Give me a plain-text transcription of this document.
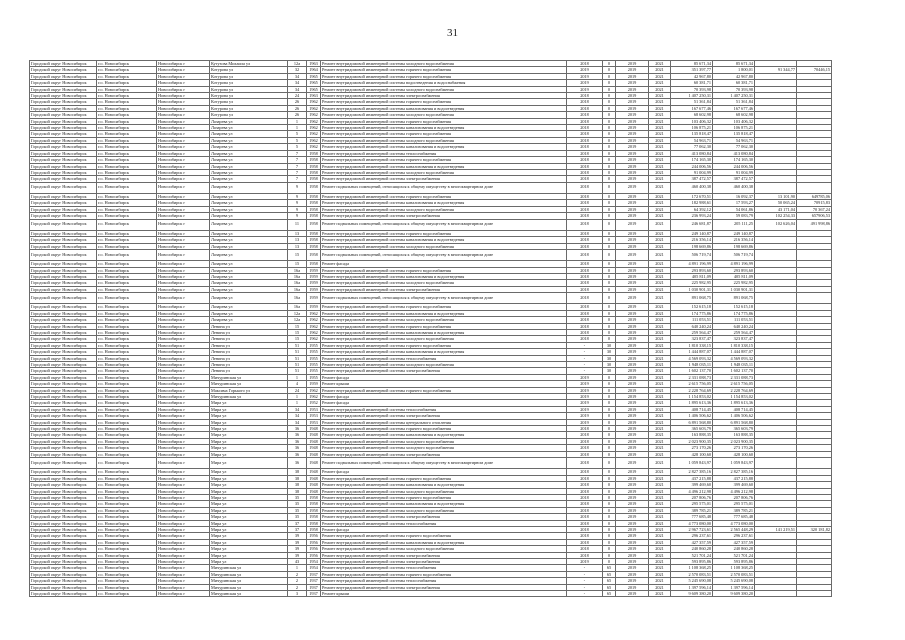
31
Городской округ Новосибирск	г.о. Новосибирск	Новосибирск г	Кутузова Михаила ул	12а	1963	Ремонт внутридомовой инженерной системы холодного водоснабжения	2018	0	2019	2021	85 671,34	85 671,34		
Городской округ Новосибирск	г.о. Новосибирск	Новосибирск г	Котурова ул	32	1964	Ремонт внутридомовой инженерной системы горячего водоснабжения	2019	0	2019	2021	351 397,77	1 800,01	91 344,77	70446,15
Городской округ Новосибирск	г.о. Новосибирск	Новосибирск г	Котурова ул	34	1965	Ремонт внутридомовой инженерной системы горячего водоснабжения	2019	0	2019	2021	42 967,80	42 967,80		
Городской округ Новосибирск	г.о. Новосибирск	Новосибирск г	Котурова ул	34	1965	Ремонт внутридомовой инженерной системы водоотведения и водоснабжения	2019	0	2019	2021	60 381,71	60 381,71		
Городской округ Новосибирск	г.о. Новосибирск	Новосибирск г	Котурова ул	34	1965	Ремонт внутридомовой инженерной системы холодного водоснабжения	2019	0	2019	2021	70 393,98	70 393,98		
Городской округ Новосибирск	г.о. Новосибирск	Новосибирск г	Котурова ул	24	1963	Ремонт внутридомовой инженерной системы электроснабжения	2018	0	2019	2021	1 407 250,31	1 407 250,31		
Городской округ Новосибирск	г.о. Новосибирск	Новосибирск г	Котурова ул	26	1962	Ремонт внутридомовой инженерной системы горячего водоснабжения	2018	0	2019	2021	51 361,84	51 361,84		
Городской округ Новосибирск	г.о. Новосибирск	Новосибирск г	Котурова ул	26	1962	Ремонт внутридомовой инженерной системы канализования и водоотведения	2018	0	2019	2021	167 677,46	167 677,46		
Городской округ Новосибирск	г.о. Новосибирск	Новосибирск г	Котурова ул	26	1962	Ремонт внутридомовой инженерной системы холодного водоснабжения	2018	0	2019	2021	68 602,98	68 602,98		
Городской округ Новосибирск	г.о. Новосибирск	Новосибирск г	Лазарева ул	1	1962	Ремонт внутридомовой инженерной системы горячего водоснабжения	2018	0	2019	2021	103 406,32	103 406,32		
Городской округ Новосибирск	г.о. Новосибирск	Новосибирск г	Лазарева ул	1	1962	Ремонт внутридомовой инженерной системы канализования и водоотведения	2018	0	2019	2021	106 875,21	106 875,21		
Городской округ Новосибирск	г.о. Новосибирск	Новосибирск г	Лазарева ул	5	1962	Ремонт внутридомовой инженерной системы горячего водоснабжения	2018	0	2019	2021	135 818,47	135 818,47		
Городской округ Новосибирск	г.о. Новосибирск	Новосибирск г	Лазарева ул	5	1962	Ремонт внутридомовой инженерной системы холодного водоснабжения	2018	0	2019	2021	54 963,71	54 963,71		
Городской округ Новосибирск	г.о. Новосибирск	Новосибирск г	Лазарева ул	5	1962	Ремонт внутридомовой инженерной системы канализования и водоотведения	2018	0	2019	2021	77 062,30	77 062,30		
Городской округ Новосибирск	г.о. Новосибирск	Новосибирск г	Лазарева ул	7	1958	Ремонт внутридомовой инженерной системы теплоснабжения	2018	0	2019	2021	413 080,84	413 080,84		
Городской округ Новосибирск	г.о. Новосибирск	Новосибирск г	Лазарева ул	7	1958	Ремонт внутридомовой инженерной системы горячего водоснабжения	2018	0	2019	2021	174 165,30	174 165,30		
Городской округ Новосибирск	г.о. Новосибирск	Новосибирск г	Лазарева ул	7	1958	Ремонт внутридомовой инженерной системы канализования и водоотведения	2018	0	2019	2021	244 006,56	244 006,56		
Городской округ Новосибирск	г.о. Новосибирск	Новосибирск г	Лазарева ул	7	1958	Ремонт внутридомовой инженерной системы холодного водоснабжения	2018	0	2019	2021	91 004,99	91 004,99		
Городской округ Новосибирск	г.о. Новосибирск	Новосибирск г	Лазарева ул	7	1958	Ремонт внутридомовой инженерной системы электроснабжения	2018	0	2019	2021	387 472,57	387 472,57		
Городской округ Новосибирск	г.о. Новосибирск	Новосибирск г	Лазарева ул	9	1958	Ремонт подвальных помещений, относящихся к общему имуществу в многоквартирном доме	2018	0	2019	2021	460 400,38	460 400,38		
Городской округ Новосибирск	г.о. Новосибирск	Новосибирск г	Лазарева ул	9	1958	Ремонт внутридомовой инженерной системы горячего водоснабжения	2018	0	2019	2021	172 670,51	16 092,37	13 101,90	649785,06
Городской округ Новосибирск	г.о. Новосибирск	Новосибирск г	Лазарева ул	9	1958	Ремонт внутридомовой инженерной системы канализования и водоотведения	2018	0	2019	2021	182 988,61	17 593,27	50 065,24	70915,83
Городской округ Новосибирск	г.о. Новосибирск	Новосибирск г	Лазарева ул	9	1958	Ремонт внутридомовой инженерной системы холодного водоснабжения	2018	0	2019	2021	64 392,12	54 061,86	43 171,04	70 367,24
Городской округ Новосибирск	г.о. Новосибирск	Новосибирск г	Лазарева ул	9	1958	Ремонт внутридомовой инженерной системы электроснабжения	2018	0	2019	2021	236 993,24	59 083,79	102 254,33	657906,53
Городской округ Новосибирск	г.о. Новосибирск	Новосибирск г	Лазарева ул	11	1958	Ремонт подвальных помещений, относящихся к общему имуществу в многоквартирном доме	2018	0	2019	2021	246 681,87	205 111,25	102 626,04	491 998,86
Городской округ Новосибирск	г.о. Новосибирск	Новосибирск г	Лазарева ул	13	1958	Ремонт внутридомовой инженерной системы горячего водоснабжения	2018	0	2019	2021	249 140,87	249 140,87		
Городской округ Новосибирск	г.о. Новосибирск	Новосибирск г	Лазарева ул	13	1958	Ремонт внутридомовой инженерной системы канализования и водоотведения	2018	0	2019	2021	216 356,14	216 356,14		
Городской округ Новосибирск	г.о. Новосибирск	Новосибирск г	Лазарева ул	13	1958	Ремонт внутридомовой инженерной системы холодного водоснабжения	2018	0	2019	2021	198 669,86	198 669,86		
Городской округ Новосибирск	г.о. Новосибирск	Новосибирск г	Лазарева ул	15	1958	Ремонт подвальных помещений, относящихся к общему имуществу в многоквартирном доме	2018	0	2019	2021	506 719,74	506 719,74		
Городской округ Новосибирск	г.о. Новосибирск	Новосибирск г	Лазарева ул	15	1958	Ремонт фасада	2018	0	2019	2021	4 891 196,99	4 891 196,99		
Городской округ Новосибирск	г.о. Новосибирск	Новосибирск г	Лазарева ул	16а	1959	Ремонт внутридомовой инженерной системы горячего водоснабжения	2018	0	2019	2021	293 893,60	293 893,60		
Городской округ Новосибирск	г.о. Новосибирск	Новосибирск г	Лазарева ул	16а	1959	Ремонт внутридомовой инженерной системы канализования и водоотведения	2018	0	2019	2021	405 811,09	405 811,09		
Городской округ Новосибирск	г.о. Новосибирск	Новосибирск г	Лазарева ул	16а	1959	Ремонт внутридомовой инженерной системы холодного водоснабжения	2018	0	2019	2021	225 982,95	225 982,95		
Городской округ Новосибирск	г.о. Новосибирск	Новосибирск г	Лазарева ул	16а	1959	Ремонт внутридомовой инженерной системы электроснабжения	2018	0	2019	2021	1 030 901,31	1 030 901,31		
Городской округ Новосибирск	г.о. Новосибирск	Новосибирск г	Лазарева ул	16а	1959	Ремонт подвальных помещений, относящихся к общему имуществу в многоквартирном доме	2018	0	2019	2021	891 068,75	891 068,75		
Городской округ Новосибирск	г.о. Новосибирск	Новосибирск г	Лазарева ул	16а	1959	Ремонт внутридомовой инженерной системы горячего водоснабжения	2018	0	2019	2021	152 615,18	152 615,18		
Городской округ Новосибирск	г.о. Новосибирск	Новосибирск г	Лазарева ул	12а	1962	Ремонт внутридомовой инженерной системы канализования и водоотведения	2018	0	2019	2021	174 775,86	174 775,86		
Городской округ Новосибирск	г.о. Новосибирск	Новосибирск г	Лазарева ул	12а	1962	Ремонт внутридомовой инженерной системы холодного водоснабжения	2018	0	2019	2021	111 053,51	111 053,51		
Городской округ Новосибирск	г.о. Новосибирск	Новосибирск г	Ленина ул	15	1962	Ремонт внутридомовой инженерной системы горячего водоснабжения	2018	0	2019	2021	640 240,24	640 240,24		
Городской округ Новосибирск	г.о. Новосибирск	Новосибирск г	Ленина ул	15	1962	Ремонт внутридомовой инженерной системы канализования и водоотведения	2018	0	2019	2021	259 564,47	259 564,47		
Городской округ Новосибирск	г.о. Новосибирск	Новосибирск г	Ленина ул	15	1962	Ремонт внутридомовой инженерной системы холодного водоснабжения	2018	0	2019	2021	323 837,47	323 837,47		
Городской округ Новосибирск	г.о. Новосибирск	Новосибирск г	Ленина ул	51	1955	Ремонт внутридомовой инженерной системы горячего водоснабжения	-	30	2019	2021	1 810 338,15	1 810 338,15		
Городской округ Новосибирск	г.о. Новосибирск	Новосибирск г	Ленина ул	51	1955	Ремонт внутридомовой инженерной системы канализования и водоотведения	-	30	2019	2021	1 444 887,07	1 444 887,07		
Городской округ Новосибирск	г.о. Новосибирск	Новосибирск г	Ленина ул	51	1955	Ремонт внутридомовой инженерной системы теплоснабжения	-	30	2019	2021	4 569 093,32	4 569 093,32		
Городской округ Новосибирск	г.о. Новосибирск	Новосибирск г	Ленина ул	51	1955	Ремонт внутридомовой инженерной системы холодного водоснабжения	-	30	2019	2021	1 948 035,11	1 948 035,11		
Городской округ Новосибирск	г.о. Новосибирск	Новосибирск г	Ленина ул	51	1955	Ремонт внутридомовой инженерной системы электроснабжения	-	30	2019	2021	1 602 137,70	1 602 137,70		
Городской округ Новосибирск	г.о. Новосибирск	Новосибирск г	Мичуринская ул	1	1955	Ремонт фасада	2019	0	2019	2021	2 331 088,73	2 331 088,73		
Городской округ Новосибирск	г.о. Новосибирск	Новосибирск г	Мичуринская ул	4	1959	Ремонт крыши	2019	0	2019	2021	2 615 756,05	2 615 756,05		
Городской округ Новосибирск	г.о. Новосибирск	Новосибирск г	Максима Горького ул	24	1962	Ремонт внутридомовой инженерной системы горячего водоснабжения	2019	0	2019	2021	2 228 764,69	2 228 764,69		
Городской округ Новосибирск	г.о. Новосибирск	Новосибирск г	Мичуринская ул	1	1962	Ремонт фасада	2019	0	2019	2021	1 154 853,02	1 154 853,02		
Городской округ Новосибирск	г.о. Новосибирск	Новосибирск г	Мира ул	1	1952	Ремонт фасада	2019	0	2019	2021	1 895 613,36	1 895 613,36		
Городской округ Новосибирск	г.о. Новосибирск	Новосибирск г	Мира ул	34	1953	Ремонт внутридомовой инженерной системы теплоснабжения	2019	0	2019	2021	408 714,45	408 714,45		
Городской округ Новосибирск	г.о. Новосибирск	Новосибирск г	Мира ул	34	1953	Ремонт внутридомовой инженерной системы электроснабжения	2019	0	2019	2021	1 406 506,62	1 406 506,62		
Городской округ Новосибирск	г.о. Новосибирск	Новосибирск г	Мира ул	34	1953	Ремонт внутридомовой инженерной системы центрального отопления	2019	0	2019	2021	6 891 568,80	6 891 568,80		
Городской округ Новосибирск	г.о. Новосибирск	Новосибирск г	Мира ул	36	1948	Ремонт внутридомовой инженерной системы горячего водоснабжения	2018	0	2019	2021	365 603,79	365 603,79		
Городской округ Новосибирск	г.о. Новосибирск	Новосибирск г	Мира ул	36	1948	Ремонт внутридомовой инженерной системы канализования и водоотведения	2018	0	2019	2021	163 888,35	163 888,35		
Городской округ Новосибирск	г.о. Новосибирск	Новосибирск г	Мира ул	36	1948	Ремонт внутридомовой инженерной системы холодного водоснабжения	2018	0	2019	2021	2 023 900,35	2 023 900,35		
Городской округ Новосибирск	г.о. Новосибирск	Новосибирск г	Мира ул	36	1948	Ремонт внутридомовой инженерной системы холодного водоснабжения	2018	0	2019	2021	273 170,26	273 170,26		
Городской округ Новосибирск	г.о. Новосибирск	Новосибирск г	Мира ул	36	1948	Ремонт внутридомовой инженерной системы электроснабжения	2018	0	2019	2021	428 100,60	428 100,60		
Городской округ Новосибирск	г.о. Новосибирск	Новосибирск г	Мира ул	36	1948	Ремонт подвальных помещений, относящихся к общему имуществу в многоквартирном доме	2018	0	2019	2021	1 059 843,97	1 059 843,97		
Городской округ Новосибирск	г.о. Новосибирск	Новосибирск г	Мира ул	38	1948	Ремонт фасада	2018	0	2019	2021	2 827 385,16	2 827 385,16		
Городской округ Новосибирск	г.о. Новосибирск	Новосибирск г	Мира ул	38	1948	Ремонт внутридомовой инженерной системы горячего водоснабжения	2018	0	2019	2021	437 215,88	437 215,88		
Городской округ Новосибирск	г.о. Новосибирск	Новосибирск г	Мира ул	38	1948	Ремонт внутридомовой инженерной системы канализования и водоотведения	2018	0	2019	2021	399 469,60	399 469,60		
Городской округ Новосибирск	г.о. Новосибирск	Новосибирск г	Мира ул	38	1948	Ремонт внутридомовой инженерной системы холодного водоснабжения	2018	0	2019	2021	4 496 212,98	4 496 212,98		
Городской округ Новосибирск	г.о. Новосибирск	Новосибирск г	Мира ул	35	1958	Ремонт внутридомовой инженерной системы горячего водоснабжения	2018	0	2019	2021	207 806,76	207 806,76		
Городской округ Новосибирск	г.о. Новосибирск	Новосибирск г	Мира ул	35	1958	Ремонт внутридомовой инженерной системы канализования и водоотведения	2018	0	2019	2021	295 575,01	295 575,01		
Городской округ Новосибирск	г.о. Новосибирск	Новосибирск г	Мира ул	35	1958	Ремонт внутридомовой инженерной системы холодного водоснабжения	2018	0	2019	2021	389 785,21	389 785,21		
Городской округ Новосибирск	г.о. Новосибирск	Новосибирск г	Мира ул	35	1958	Ремонт внутридомовой инженерной системы электроснабжения	2018	0	2019	2021	777 685,48	777 685,48		
Городской округ Новосибирск	г.о. Новосибирск	Новосибирск г	Мира ул	37	1958	Ремонт внутридомовой инженерной системы теплоснабжения	2018	0	2019	2021	4 773 080,00	4 773 080,00		
Городской округ Новосибирск	г.о. Новосибирск	Новосибирск г	Мира ул	37	1958	Ремонт фасада	2018	0	2019	2021	2 967 723,61	2 565 448,29	141 219,51	320 181,82
Городской округ Новосибирск	г.о. Новосибирск	Новосибирск г	Мира ул	39	1956	Ремонт внутридомовой инженерной системы горячего водоснабжения	2018	0	2019	2021	296 237,61	296 237,61		
Городской округ Новосибирск	г.о. Новосибирск	Новосибирск г	Мира ул	39	1956	Ремонт внутридомовой инженерной системы канализования и водоотведения	2018	0	2019	2021	427 357,59	427 357,59		
Городской округ Новосибирск	г.о. Новосибирск	Новосибирск г	Мира ул	39	1956	Ремонт внутридомовой инженерной системы холодного водоснабжения	2018	0	2019	2021	240 860,28	240 860,28		
Городской округ Новосибирск	г.о. Новосибирск	Новосибирск г	Мира ул	39	1956	Ремонт внутридомовой инженерной системы электроснабжения	2018	0	2019	2021	521 701,24	521 701,24		
Городской округ Новосибирск	г.о. Новосибирск	Новосибирск г	Мира ул	43	1954	Ремонт внутридомовой инженерной системы электроснабжения	2019	0	2019	2021	593 895,86	593 895,86		
Городской округ Новосибирск	г.о. Новосибирск	Новосибирск г	Мичуринская ул	1	1954	Ремонт внутридомовой инженерной системы теплоснабжения	-	65	2019	2021	1 108 368,25	1 108 368,25		
Городской округ Новосибирск	г.о. Новосибирск	Новосибирск г	Мичуринская ул	2	1937	Ремонт внутридомовой инженерной системы горячего водоснабжения	-	65	2019	2021	2 570 083,51	2 570 083,51		
Городской округ Новосибирск	г.о. Новосибирск	Новосибирск г	Мичуринская ул	2	1937	Ремонт внутридомовой инженерной системы теплоснабжения	-	65	2019	2021	5 245 690,08	5 245 690,08		
Городской округ Новосибирск	г.о. Новосибирск	Новосибирск г	Мичуринская ул	2	1937	Ремонт внутридомовой инженерной системы электроснабжения	-	65	2019	2021	1 397 596,14	1 397 596,14		
Городской округ Новосибирск	г.о. Новосибирск	Новосибирск г	Мичуринская ул	3	1937	Ремонт крыши	-	65	2019	2021	9 609 380,20	9 609 380,20		
